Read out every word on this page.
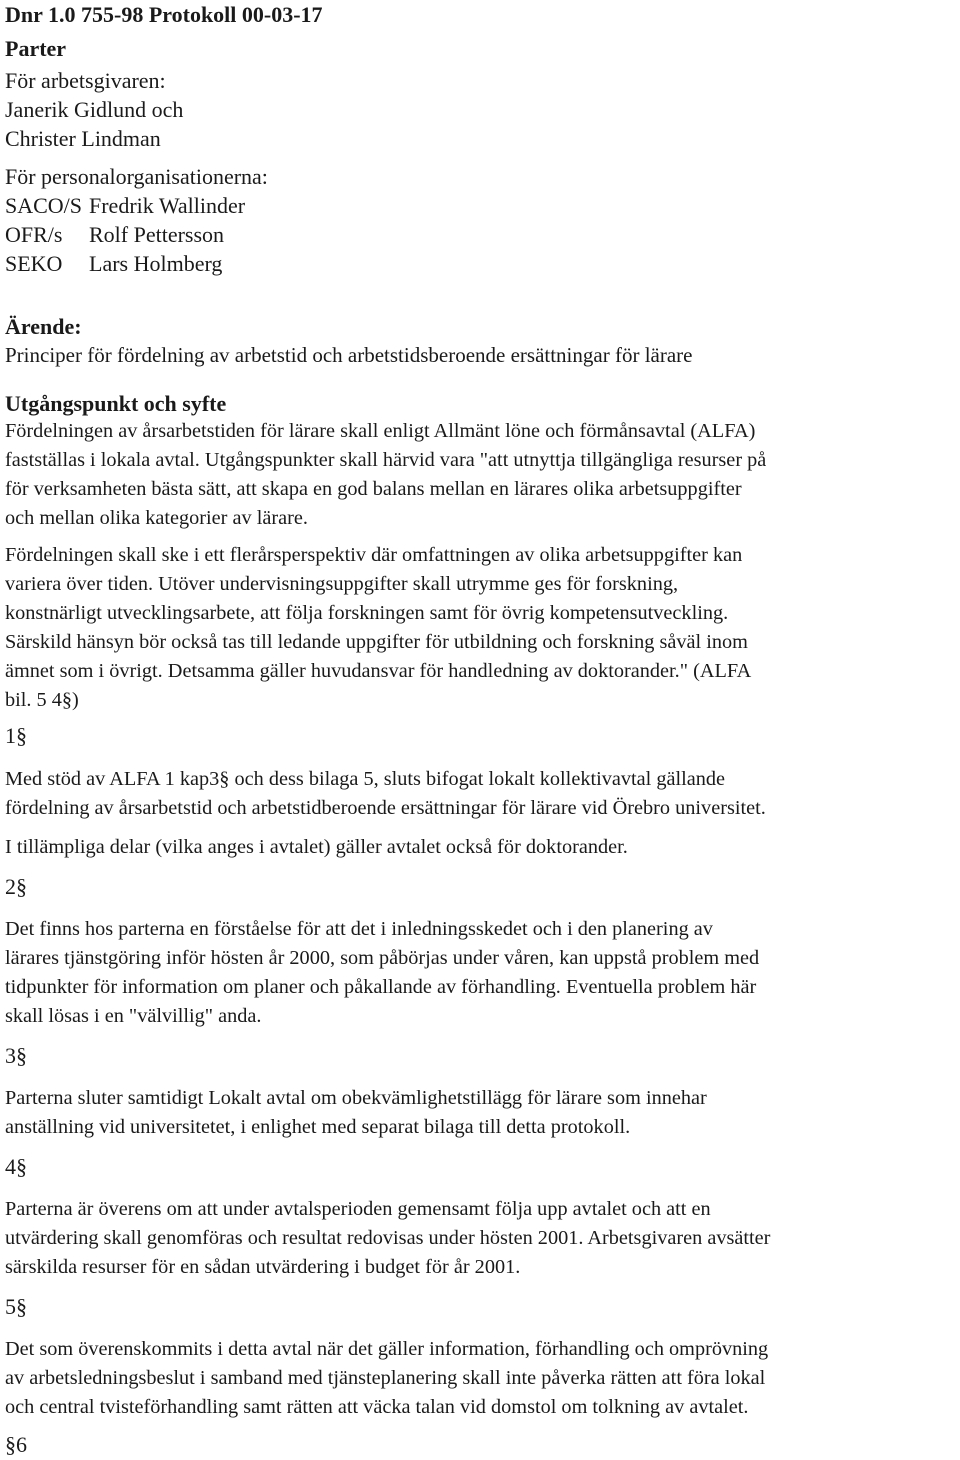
Dnr 1.0 755-98 Protokoll 00-03-17
Parter
För arbetsgivaren:
Janerik Gidlund och
Christer Lindman
För personalorganisationerna:
SACO/S Fredrik Wallinder
OFR/s Rolf Pettersson
SEKO Lars Holmberg
Ärende:
Principer för fördelning av arbetstid och arbetstidsberoende ersättningar för lärare
Utgångspunkt och syfte
Fördelningen av årsarbetstiden för lärare skall enligt Allmänt löne och förmånsavtal (ALFA)
fastställas i lokala avtal. Utgångspunkter skall härvid vara "att utnyttja tillgängliga resurser på
för verksamheten bästa sätt, att skapa en god balans mellan en lärares olika arbetsuppgifter
och mellan olika kategorier av lärare.
Fördelningen skall ske i ett flerårsperspektiv där omfattningen av olika arbetsuppgifter kan
variera över tiden. Utöver undervisningsuppgifter skall utrymme ges för forskning,
konstnärligt utvecklingsarbete, att följa forskningen samt för övrig kompetensutveckling.
Särskild hänsyn bör också tas till ledande uppgifter för utbildning och forskning såväl inom
ämnet som i övrigt. Detsamma gäller huvudansvar för handledning av doktorander." (ALFA
bil. 5 4§)
1§
Med stöd av ALFA 1 kap3§ och dess bilaga 5, sluts bifogat lokalt kollektivavtal gällande
fördelning av årsarbetstid och arbetstidberoende ersättningar för lärare vid Örebro universitet.
I tillämpliga delar (vilka anges i avtalet) gäller avtalet också för doktorander.
2§
Det finns hos parterna en förståelse för att det i inledningsskedet och i den planering av
lärares tjänstgöring inför hösten år 2000, som påbörjas under våren, kan uppstå problem med
tidpunkter för information om planer och påkallande av förhandling. Eventuella problem här
skall lösas i en "välvillig" anda.
3§
Parterna sluter samtidigt Lokalt avtal om obekvämlighetstillägg för lärare som innehar
anställning vid universitetet, i enlighet med separat bilaga till detta protokoll.
4§
Parterna är överens om att under avtalsperioden gemensamt följa upp avtalet och att en
utvärdering skall genomföras och resultat redovisas under hösten 2001. Arbetsgivaren avsätter
särskilda resurser för en sådan utvärdering i budget för år 2001.
5§
Det som överenskommits i detta avtal när det gäller information, förhandling och omprövning
av arbetsledningsbeslut i samband med tjänsteplanering skall inte påverka rätten att föra lokal
och central tvisteförhandling samt rätten att väcka talan vid domstol om tolkning av avtalet.
§6
